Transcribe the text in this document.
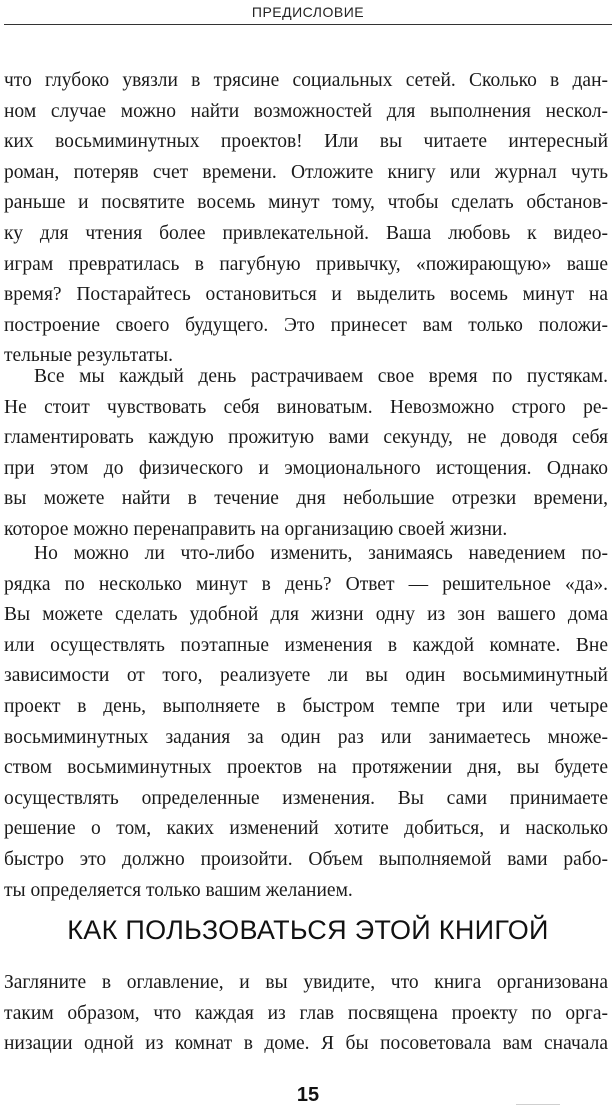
ПРЕДИСЛОВИЕ
что глубоко увязли в трясине социальных сетей. Сколько в дан-
ном случае можно найти возможностей для выполнения нескол-
ких восьмиминутных проектов! Или вы читаете интересный
роман, потеряв счет времени. Отложите книгу или журнал чуть
раньше и посвятите восемь минут тому, чтобы сделать обстанов-
ку для чтения более привлекательной. Ваша любовь к видео-
играм превратилась в пагубную привычку, «пожирающую» ваше
время? Постарайтесь остановиться и выделить восемь минут на
построение своего будущего. Это принесет вам только положи-
тельные результаты.
Все мы каждый день растрачиваем свое время по пустякам.
Не стоит чувствовать себя виноватым. Невозможно строго ре-
гламентировать каждую прожитую вами секунду, не доводя себя
при этом до физического и эмоционального истощения. Однако
вы можете найти в течение дня небольшие отрезки времени,
которое можно перенаправить на организацию своей жизни.
Но можно ли что-либо изменить, занимаясь наведением по-
рядка по несколько минут в день? Ответ — решительное «да».
Вы можете сделать удобной для жизни одну из зон вашего дома
или осуществлять поэтапные изменения в каждой комнате. Вне
зависимости от того, реализуете ли вы один восьмиминутный
проект в день, выполняете в быстром темпе три или четыре
восьмиминутных задания за один раз или занимаетесь множе-
ством восьмиминутных проектов на протяжении дня, вы будете
осуществлять определенные изменения. Вы сами принимаете
решение о том, каких изменений хотите добиться, и насколько
быстро это должно произойти. Объем выполняемой вами рабо-
ты определяется только вашим желанием.
КАК ПОЛЬЗОВАТЬСЯ ЭТОЙ КНИГОЙ
Загляните в оглавление, и вы увидите, что книга организована
таким образом, что каждая из глав посвящена проекту по орга-
низации одной из комнат в доме. Я бы посоветовала вам сначала
15
